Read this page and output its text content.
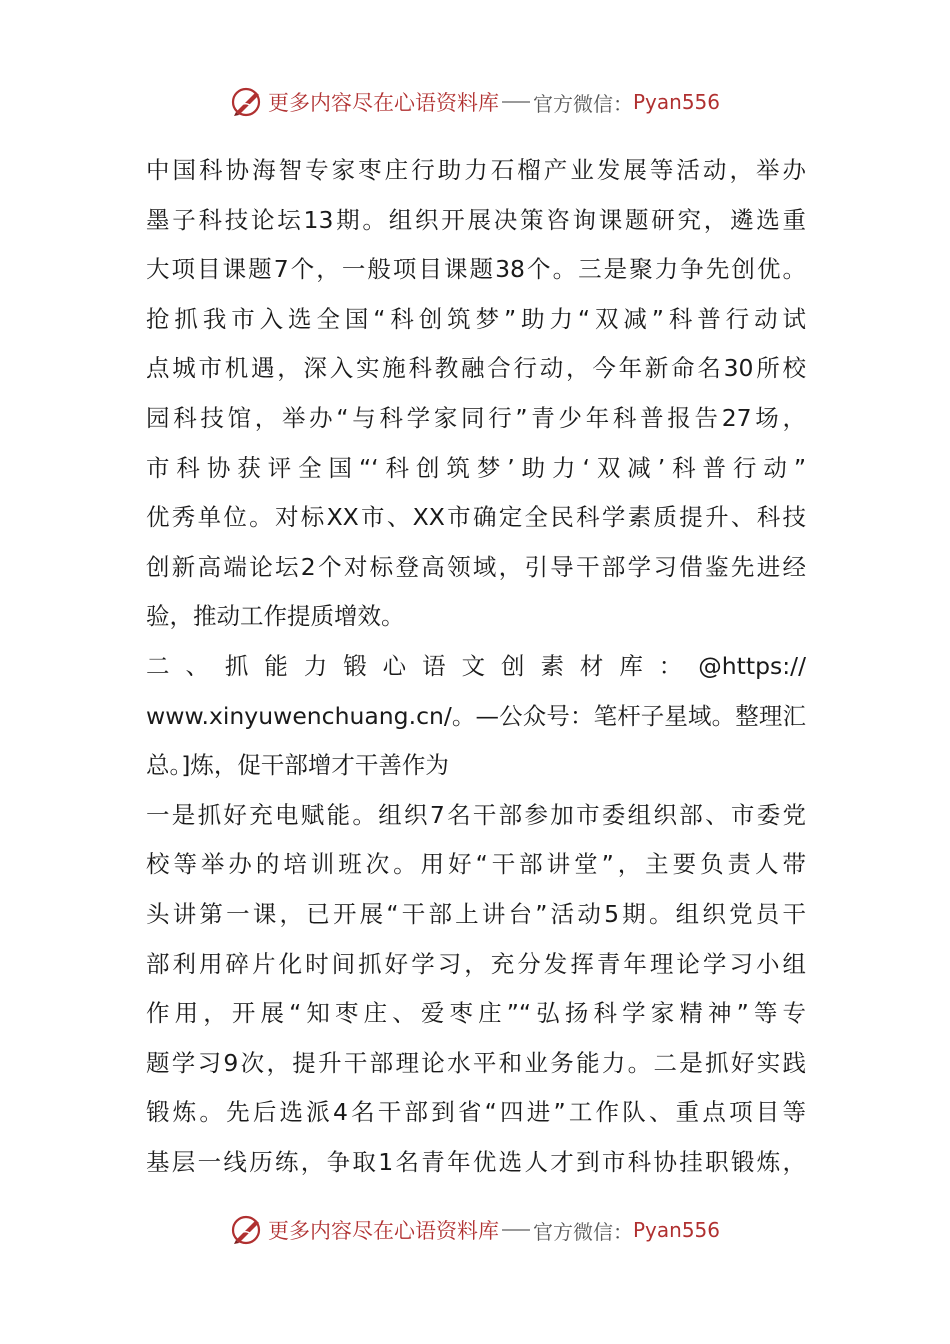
更多内容尽在心语资料库 官方微信： Pyan556
中国科协海智专家枣庄行助力石榴产业发展等活动，举办
墨子科技论坛13期。组织开展决策咨询课题研究，遴选重
大项目课题7个，一般项目课题38个。三是聚力争先创优。
抢抓我市入选全国“科创筑梦”助力“双减”科普行动试
点城市机遇，深入实施科教融合行动，今年新命名30所校
园科技馆，举办“与科学家同行”青少年科普报告27场，
市科协获评全国“‘科创筑梦’助力‘双减’科普行动”
优秀单位。对标XX市、XX市确定全民科学素质提升、科技
创新高端论坛2个对标登高领域，引导干部学习借鉴先进经
验，推动工作提质增效。
二、抓能力锻心语文创素材库：@https://
www.xinyuwenchuang.cn/。—公众号：笔杆子星域。整理汇
总。]炼，促干部增才干善作为
一是抓好充电赋能。组织7名干部参加市委组织部、市委党
校等举办的培训班次。用好“干部讲堂”，主要负责人带
头讲第一课，已开展“干部上讲台”活动5期。组织党员干
部利用碎片化时间抓好学习，充分发挥青年理论学习小组
作用，开展“知枣庄、爱枣庄”“弘扬科学家精神”等专
题学习9次，提升干部理论水平和业务能力。二是抓好实践
锻炼。先后选派4名干部到省“四进”工作队、重点项目等
基层一线历练，争取1名青年优选人才到市科协挂职锻炼，
更多内容尽在心语资料库 官方微信： Pyan556
